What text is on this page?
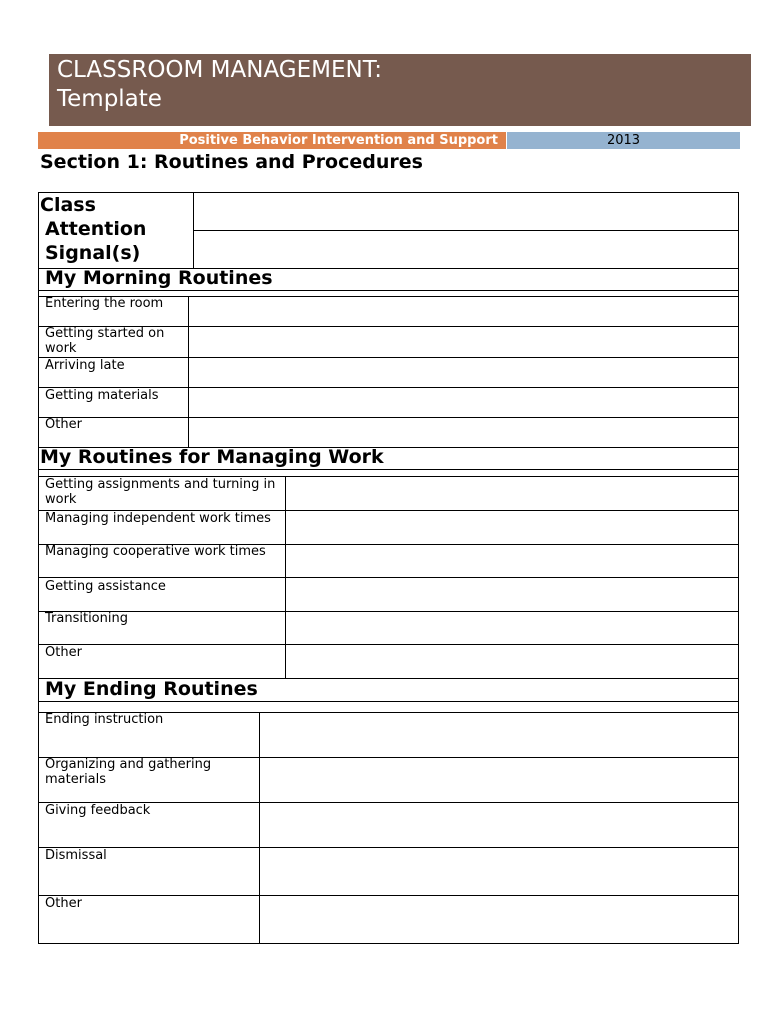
CLASSROOM MANAGEMENT:
Template
Positive Behavior Intervention and Support	2013
Section 1: Routines and Procedures
Class
Attention
Signal(s)
My Morning Routines
Entering the room
Getting started on work
Arriving late
Getting materials
Other
My Routines for Managing Work
Getting assignments and turning in work
Managing independent work times
Managing cooperative work times
Getting assistance
Transitioning
Other
My Ending Routines
Ending instruction
Organizing and gathering materials
Giving feedback
Dismissal
Other
